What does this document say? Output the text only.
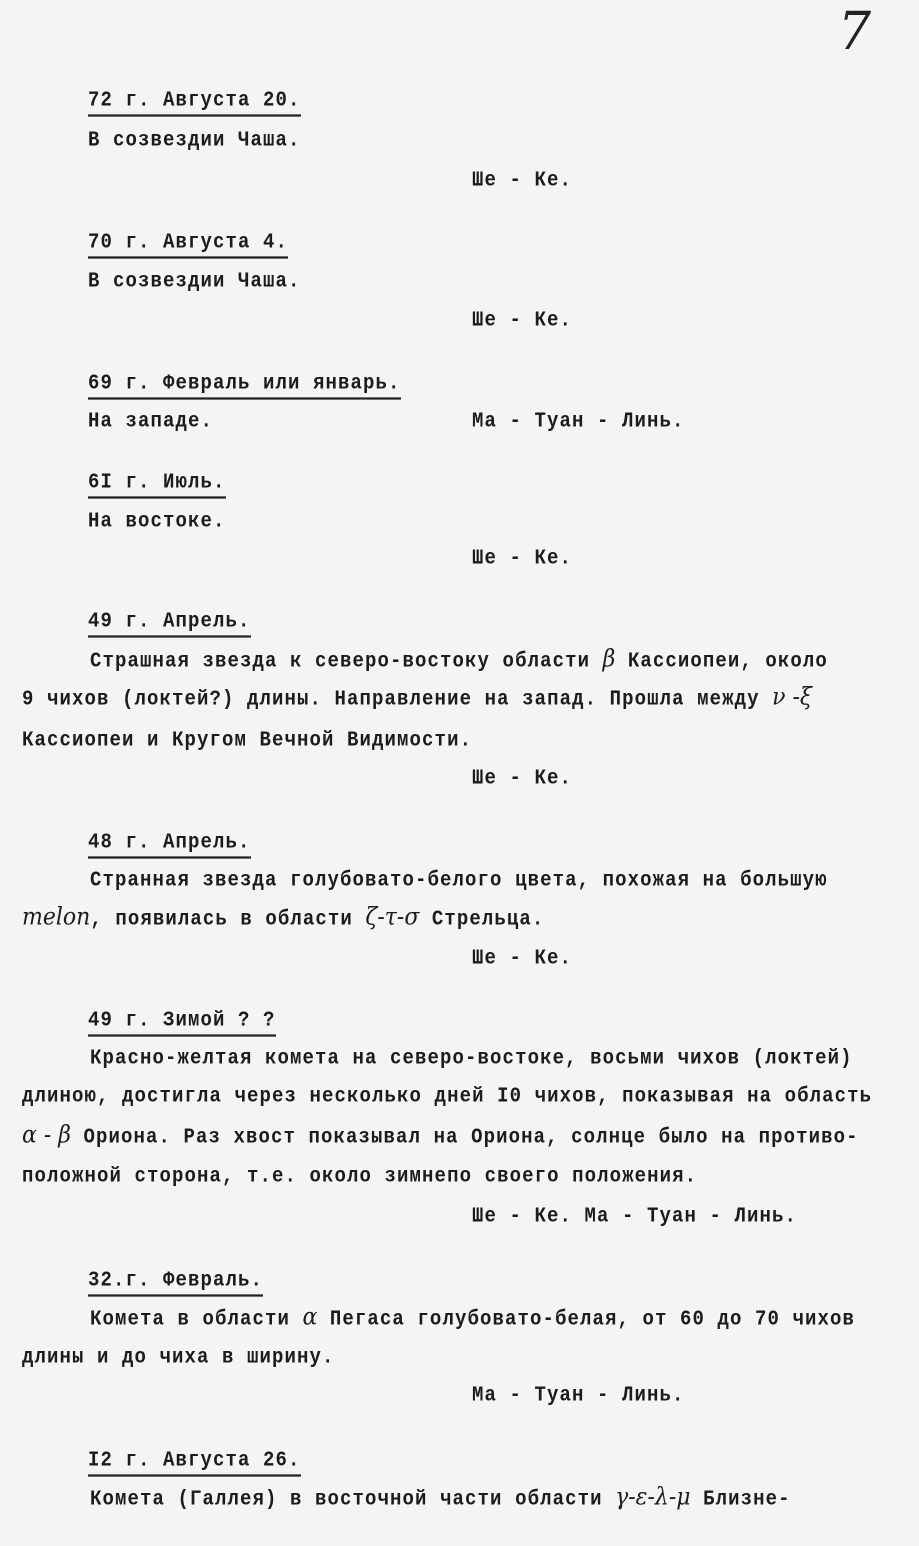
7
72 г. Августа 20.
В созвездии Чаша.
Ше - Ке.
70 г. Августа 4.
В созвездии Чаша.
Ше - Ке.
69 г. Февраль или январь.
На западе.	Ма - Туан - Линь.
6I г. Июль.
На востоке.
Ше - Ке.
49 г. Апрель.
Страшная звезда к северо-востоку области β Кассиопеи, около
9 чихов (локтей?) длины. Направление на запад. Прошла между ν -ξ
Кассиопеи и Кругом Вечной Видимости.
Ше - Ке.
48 г. Апрель.
Странная звезда голубовато-белого цвета, похожая на большую
melon, появилась в области ζ-τ-σ Стрельца.
Ше - Ке.
49 г. Зимой ? ?
Красно-желтая комета на северо-востоке, восьми чихов (локтей)
длиною, достигла через несколько дней I0 чихов, показывая на область
α - β Ориона. Раз хвост показывал на Ориона, солнце было на противо-
положной сторона, т.е. около зимнепо своего положения.
Ше - Ке. Ма - Туан - Линь.
32.г. Февраль.
Комета в области α Пегаса голубовато-белая, от 60 до 70 чихов
длины и до чиха в ширину.
Ма - Туан - Линь.
I2 г. Августа 26.
Комета (Галлея) в восточной части области γ-ε-λ-μ Близне-
